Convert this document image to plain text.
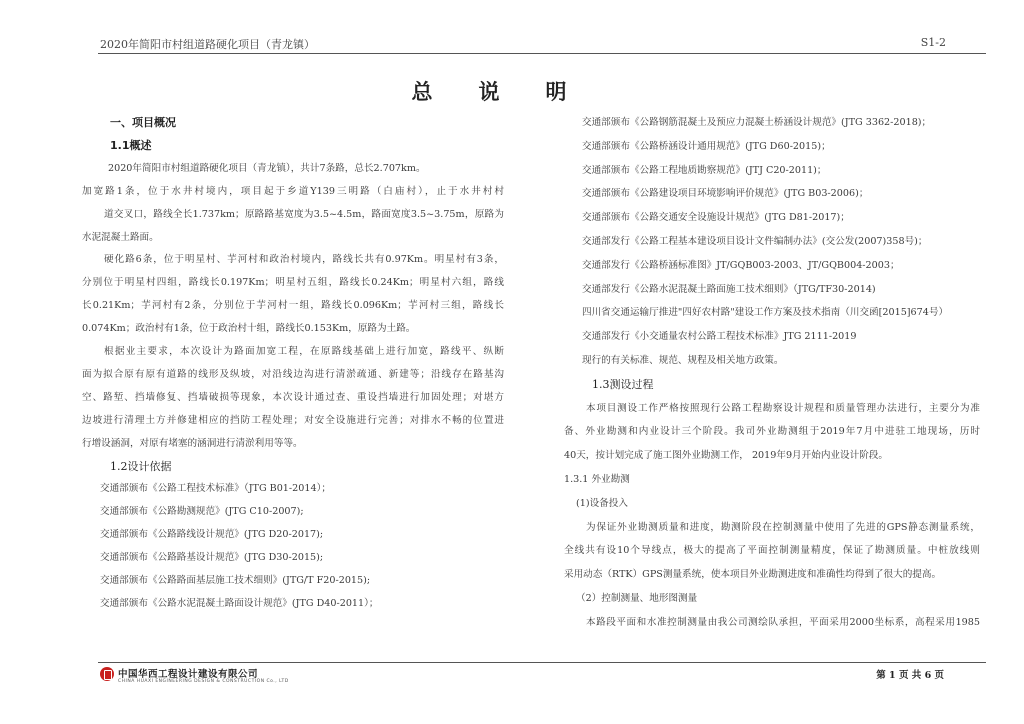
2020年简阳市村组道路硬化项目（青龙镇）	S1-2
总说明
一、项目概况
1.1概述
2020年简阳市村组道路硬化项目（青龙镇），共计7条路，总长2.707km。
加宽路1条，位于水井村境内，项目起于乡道Y139三明路（白庙村），止于水井村村
道交叉口，路线全长1.737km；原路路基宽度为3.5~4.5m，路面宽度3.5~3.75m，原路为
水泥混凝土路面。
硬化路6条，位于明星村、芋河村和政治村境内，路线长共有0.97Km。明星村有3条，
分别位于明星村四组，路线长0.197Km；明星村五组，路线长0.24Km；明星村六组，路线
长0.21Km；芋河村有2条，分别位于芋河村一组，路线长0.096Km；芋河村三组，路线长
0.074Km；政治村有1条，位于政治村十组，路线长0.153Km，原路为土路。
根据业主要求，本次设计为路面加宽工程，在原路线基础上进行加宽，路线平、纵断
面为拟合原有原有道路的线形及纵坡，对沿线边沟进行清淤疏通、新建等；沿线存在路基沟
空、路堑、挡墙修复、挡墙破损等现象，本次设计通过查、重设挡墙进行加固处理；对堪方
边坡进行清理土方并修建相应的挡防工程处理；对安全设施进行完善；对排水不畅的位置进
行增设涵洞，对原有堵塞的涵洞进行清淤利用等等。
1.2设计依据
交通部颁布《公路工程技术标准》（JTG B01-2014）；
交通部颁布《公路勘测规范》(JTG C10-2007);
交通部颁布《公路路线设计规范》(JTG D20-2017);
交通部颁布《公路路基设计规范》(JTG D30-2015);
交通部颁布《公路路面基层施工技术细则》(JTG/T F20-2015);
交通部颁布《公路水泥混凝土路面设计规范》(JTG D40-2011）；
交通部颁布《公路钢筋混凝土及预应力混凝土桥涵设计规范》(JTG 3362-2018)；
交通部颁布《公路桥涵设计通用规范》(JTG D60-2015)；
交通部颁布《公路工程地质勘察规范》(JTJ C20-2011)；
交通部颁布《公路建设项目环境影响评价规范》(JTG B03-2006)；
交通部颁布《公路交通安全设施设计规范》(JTG D81-2017)；
交通部发行《公路工程基本建设项目设计文件编制办法》(交公发(2007)358号)；
交通部发行《公路桥涵标准图》JT/GQB003-2003、JT/GQB004-2003；
交通部发行《公路水泥混凝土路面施工技术细则》（JTG/TF30-2014)
四川省交通运输厅推进"四好农村路"建设工作方案及技术指南（川交函[2015]674号）
交通部发行《小交通量农村公路工程技术标准》JTG 2111-2019
现行的有关标准、规范、规程及相关地方政策。
1.3测设过程
本项目测设工作严格按照现行公路工程勘察设计规程和质量管理办法进行，主要分为准
备、外业勘测和内业设计三个阶段。我司外业勘测组于2019年7月中进驻工地现场，历时
40天，按计划完成了施工图外业勘测工作， 2019年9月开始内业设计阶段。
1.3.1 外业勘测
(1)设备投入
为保证外业勘测质量和进度，勘测阶段在控制测量中使用了先进的GPS静态测量系统，
全线共有设10个导线点，极大的提高了平面控制测量精度，保证了勘测质量。中桩放线则
采用动态（RTK）GPS测量系统，使本项目外业勘测进度和准确性均得到了很大的提高。
（2）控制测量、地形图测量
本路段平面和水准控制测量由我公司测绘队承担，平面采用2000坐标系，高程采用1985
中国华西工程设计建设有限公司
CHINA HUAXI ENGINEERING DESIGN & CONSTRUCTION Co., LTD
第 1 页 共 6 页
